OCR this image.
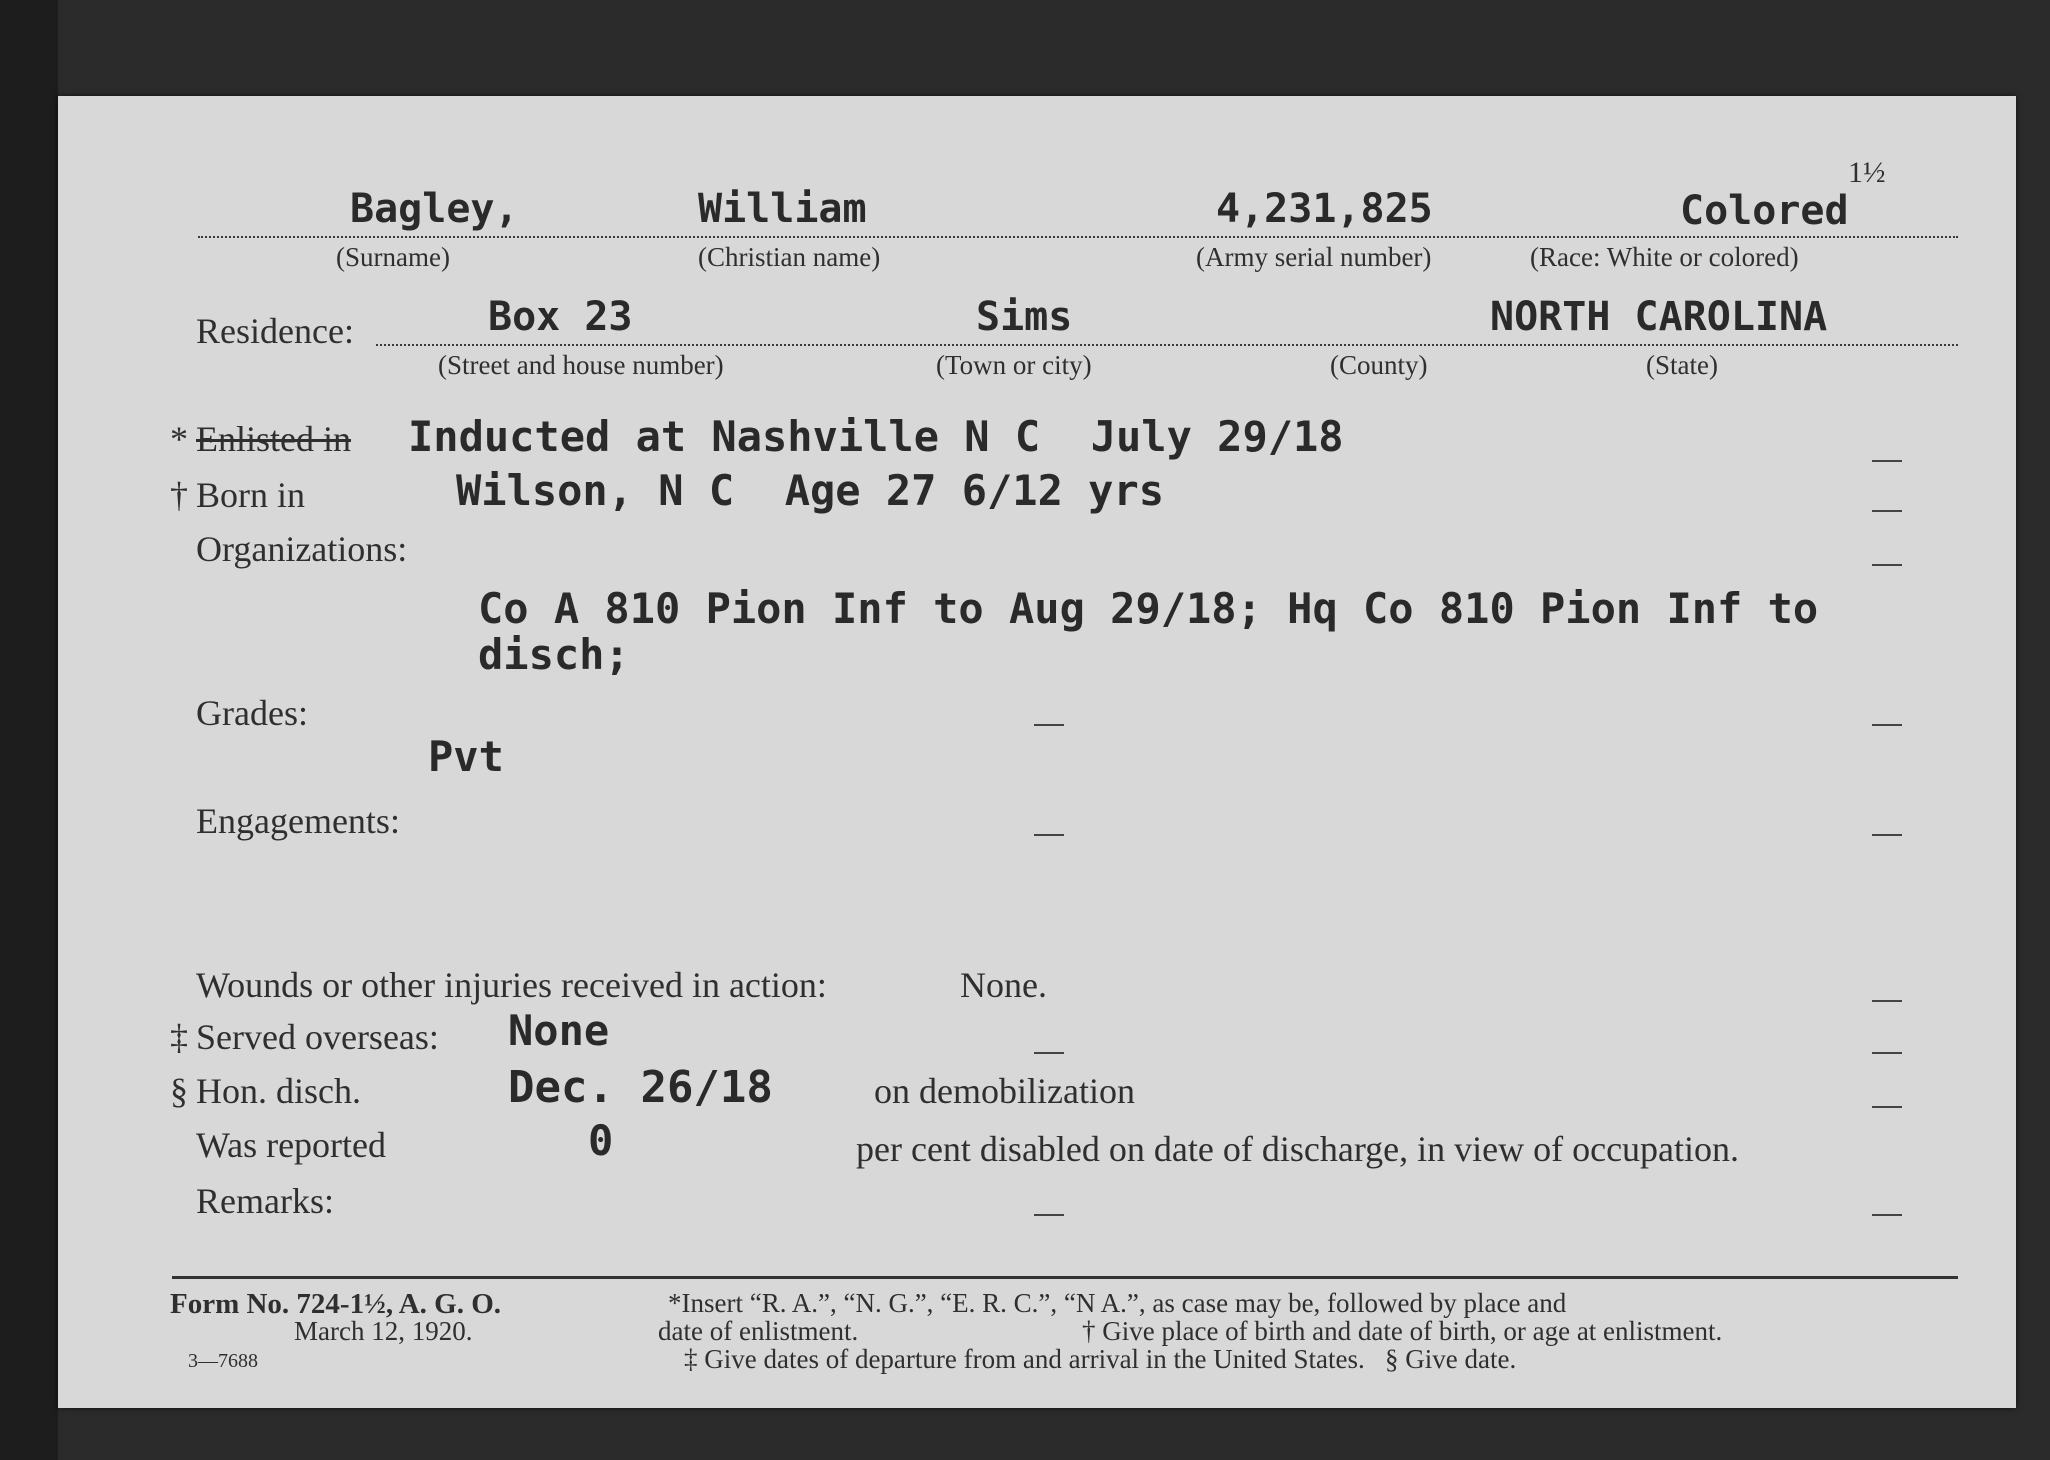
1½
Bagley,	William	4,231,825	Colored
(Surname)	(Christian name)	(Army serial number)	(Race: White or colored)
Residence:	Box 23	Sims	NORTH CAROLINA
(Street and house number)	(Town or city)	(County)	(State)
* Enlisted in Inducted at Nashville N C  July 29/18
† Born in	Wilson, N C  Age 27 6/12 yrs
Organizations:
Co A 810 Pion Inf to Aug 29/18; Hq Co 810 Pion Inf to
disch;
Grades:
Pvt
Engagements:
Wounds or other injuries received in action:	None.
‡ Served overseas: None
§ Hon. disch.	Dec. 26/18	on demobilization
Was reported	0	per cent disabled on date of discharge, in view of occupation.
Remarks:
Form No. 724-1½, A. G. O.
March 12, 1920.
3—7688
*Insert “R. A.”, “N. G.”, “E. R. C.”, “N A.”, as case may be, followed by place and
date of enlistment.	† Give place of birth and date of birth, or age at enlistment.
‡ Give dates of departure from and arrival in the United States.   § Give date.
